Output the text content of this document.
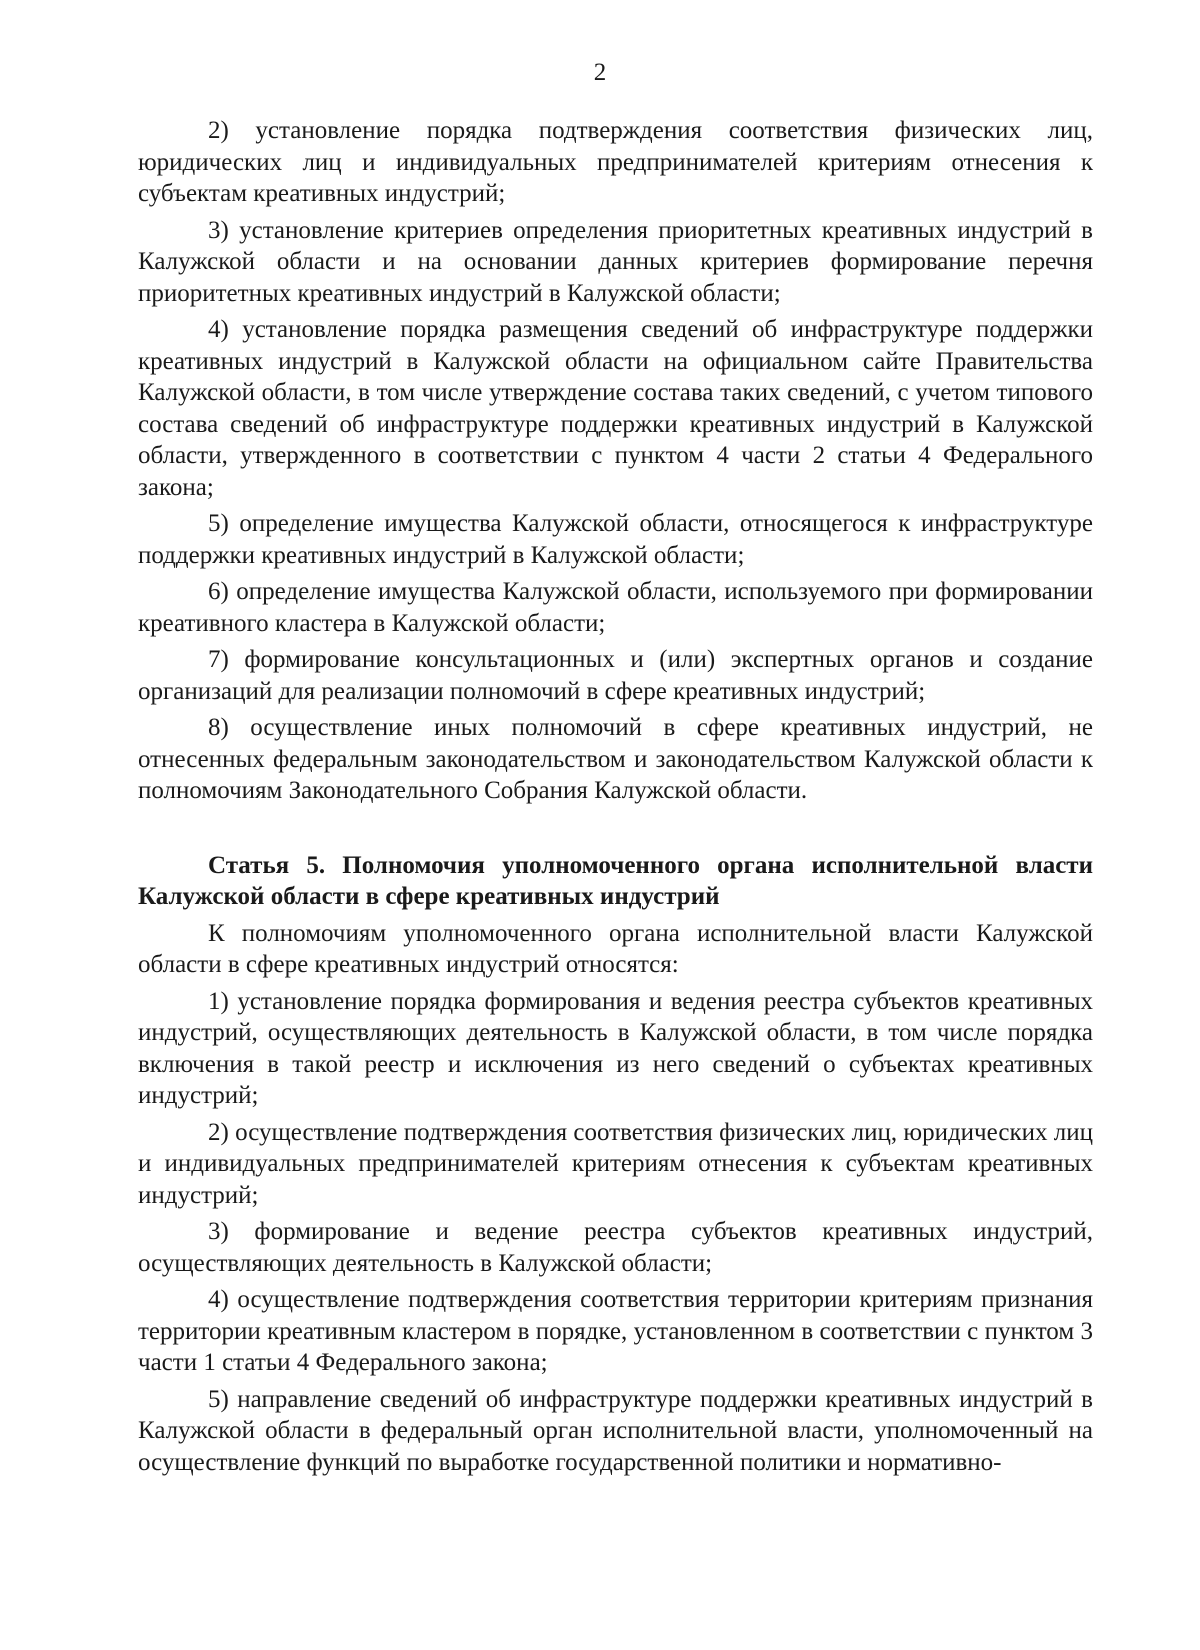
2

2) установление порядка подтверждения соответствия физических лиц, юридических лиц и индивидуальных предпринимателей критериям отнесения к субъектам креативных индустрий;

3) установление критериев определения приоритетных креативных индустрий в Калужской области и на основании данных критериев формирование перечня приоритетных креативных индустрий в Калужской области;

4) установление порядка размещения сведений об инфраструктуре поддержки креативных индустрий в Калужской области на официальном сайте Правительства Калужской области, в том числе утверждение состава таких сведений, с учетом типового состава сведений об инфраструктуре поддержки креативных индустрий в Калужской области, утвержденного в соответствии с пунктом 4 части 2 статьи 4 Федерального закона;

5) определение имущества Калужской области, относящегося к инфраструктуре поддержки креативных индустрий в Калужской области;

6) определение имущества Калужской области, используемого при формировании креативного кластера в Калужской области;

7) формирование консультационных и (или) экспертных органов и создание организаций для реализации полномочий в сфере креативных индустрий;

8) осуществление иных полномочий в сфере креативных индустрий, не отнесенных федеральным законодательством и законодательством Калужской области к полномочиям Законодательного Собрания Калужской области.

Статья 5. Полномочия уполномоченного органа исполнительной власти Калужской области в сфере креативных индустрий

К полномочиям уполномоченного органа исполнительной власти Калужской области в сфере креативных индустрий относятся:

1) установление порядка формирования и ведения реестра субъектов креативных индустрий, осуществляющих деятельность в Калужской области, в том числе порядка включения в такой реестр и исключения из него сведений о субъектах креативных индустрий;

2) осуществление подтверждения соответствия физических лиц, юридических лиц и индивидуальных предпринимателей критериям отнесения к субъектам креативных индустрий;

3) формирование и ведение реестра субъектов креативных индустрий, осуществляющих деятельность в Калужской области;

4) осуществление подтверждения соответствия территории критериям признания территории креативным кластером в порядке, установленном в соответствии с пунктом 3 части 1 статьи 4 Федерального закона;

5) направление сведений об инфраструктуре поддержки креативных индустрий в Калужской области в федеральный орган исполнительной власти, уполномоченный на осуществление функций по выработке государственной политики и нормативно-
